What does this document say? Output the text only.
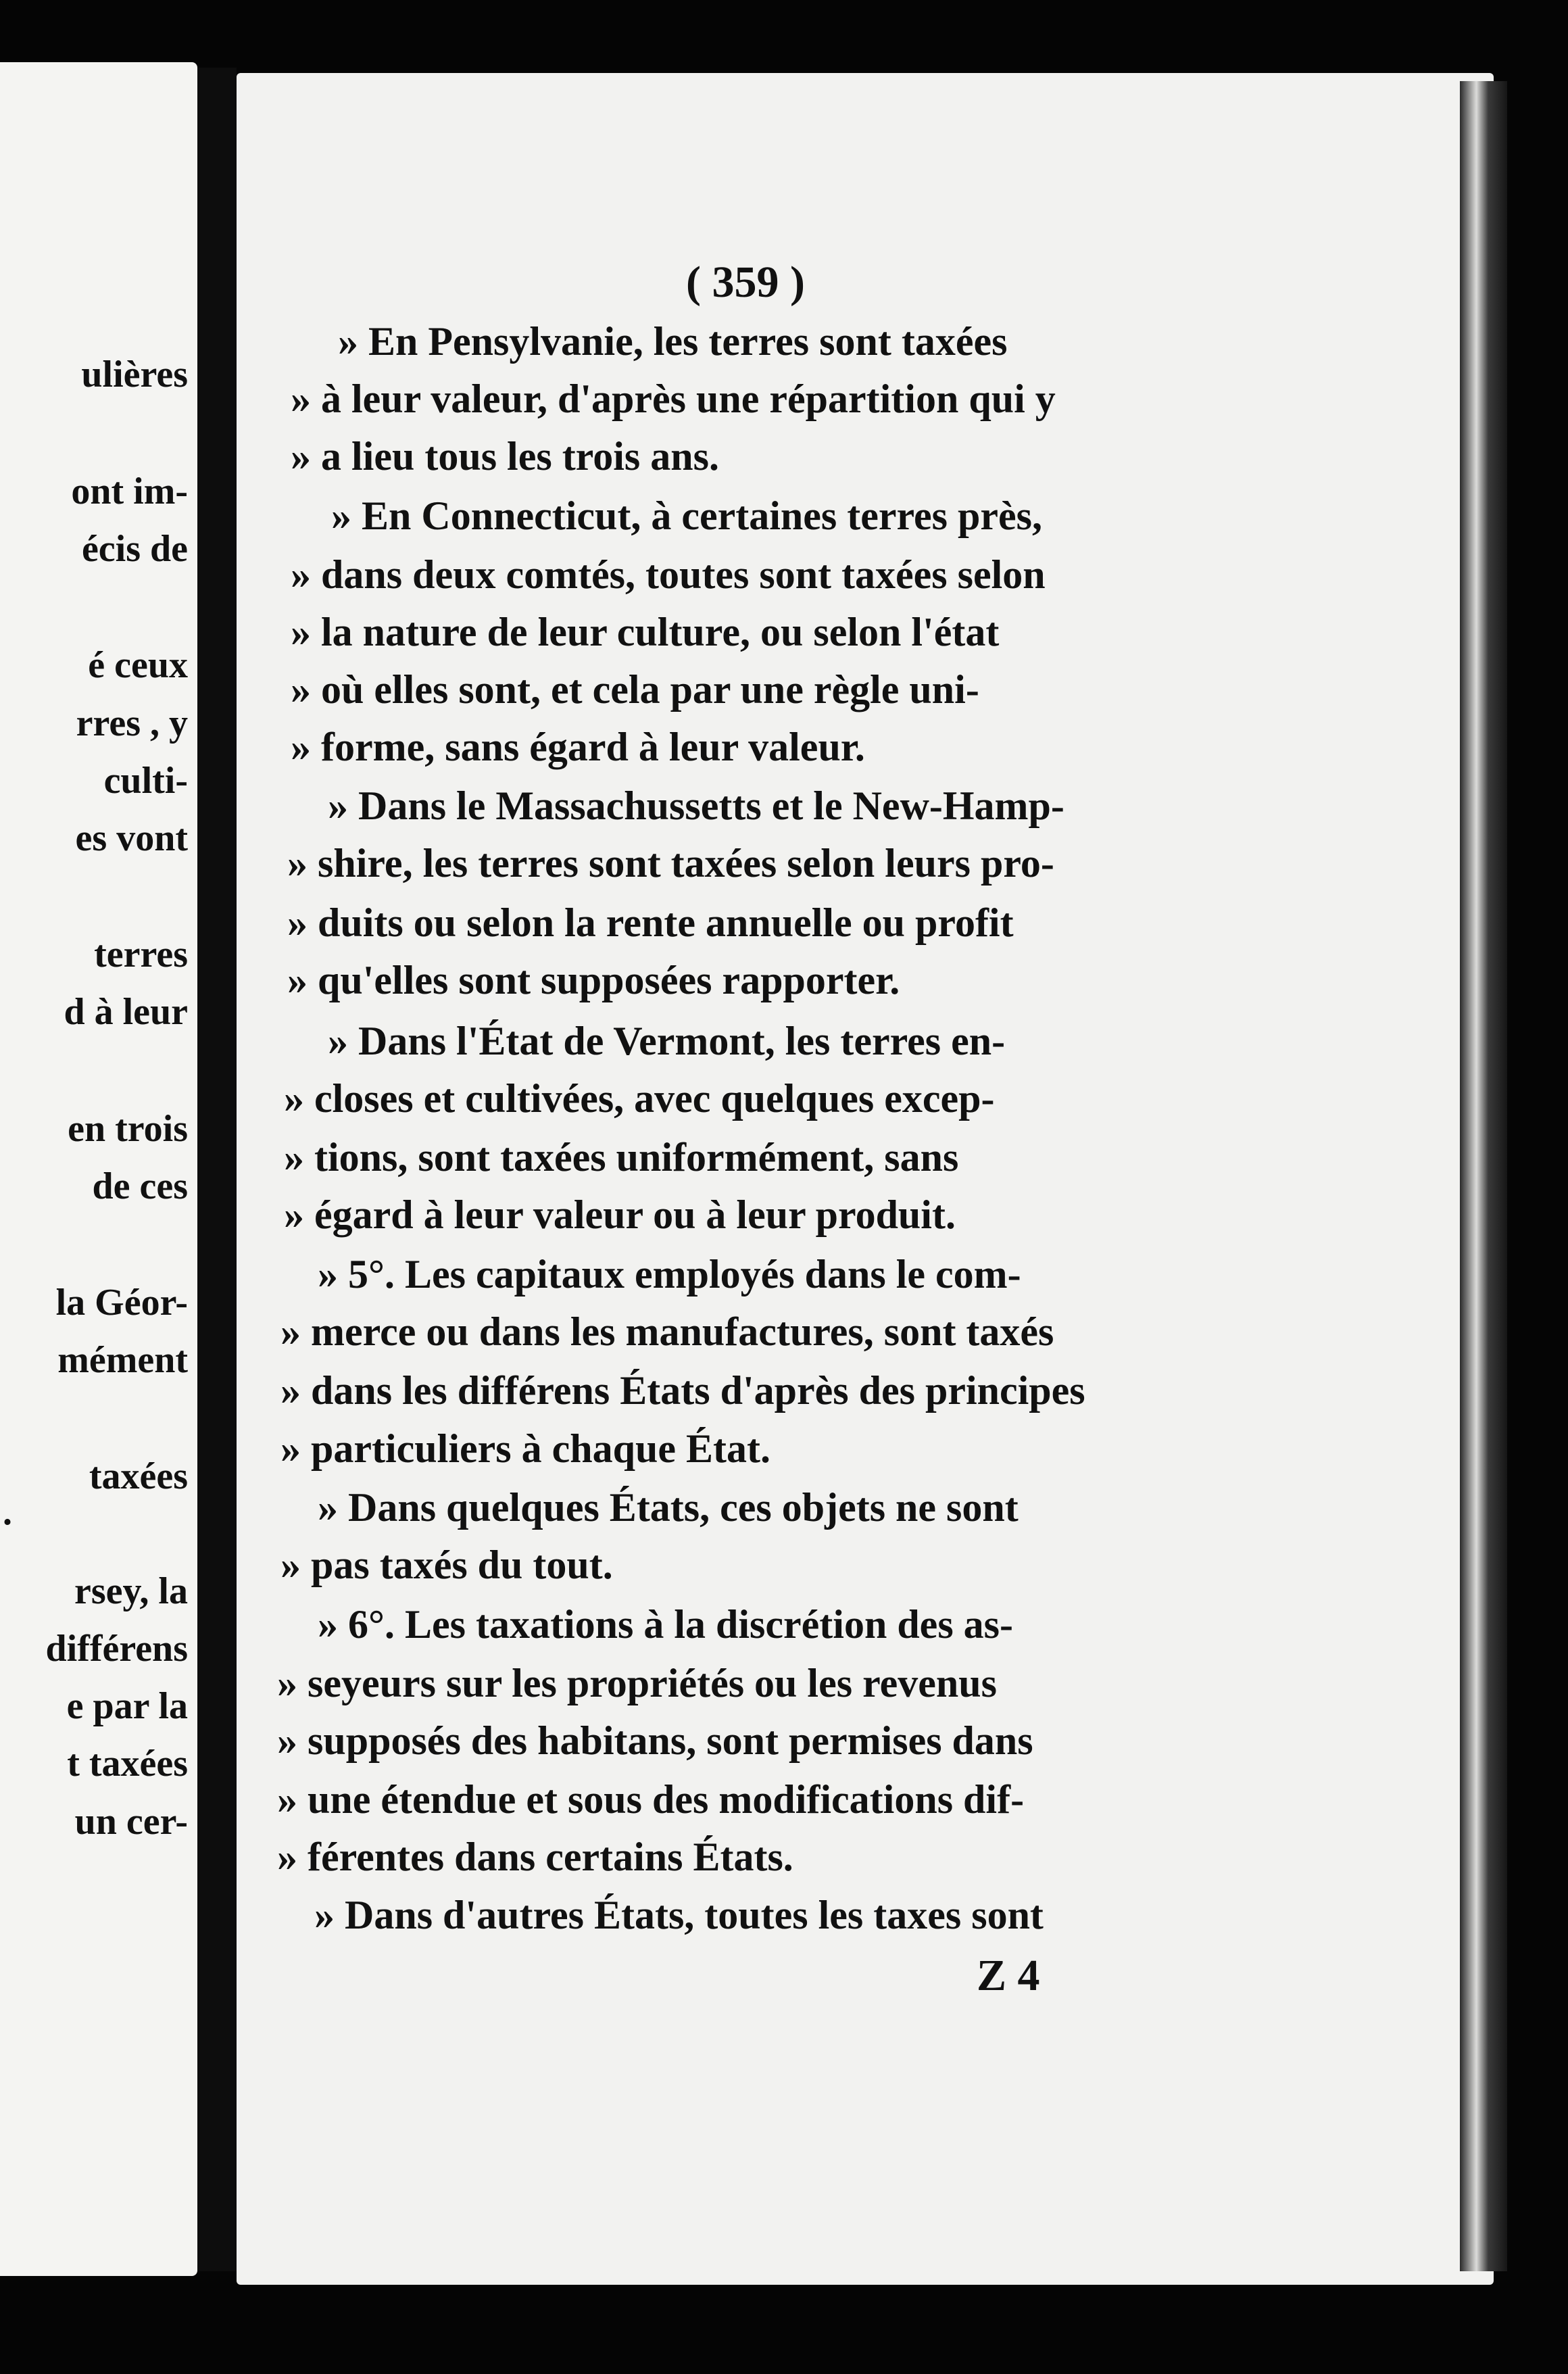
ulières
ont im-
écis de
é ceux
rres , y
culti-
es vont
terres
d à leur
en trois
de ces
la Géor-
mément
taxées
.
rsey, la
différens
e par la
t taxées
un cer-
( 359 )
» En Pensylvanie, les terres sont taxées
» à leur valeur, d'après une répartition qui y
» a lieu tous les trois ans.
» En Connecticut, à certaines terres près,
» dans deux comtés, toutes sont taxées selon
» la nature de leur culture, ou selon l'état
» où elles sont, et cela par une règle uni-
» forme, sans égard à leur valeur.
» Dans le Massachussetts et le New-Hamp-
» shire, les terres sont taxées selon leurs pro-
» duits ou selon la rente annuelle ou profit
» qu'elles sont supposées rapporter.
» Dans l'État de Vermont, les terres en-
» closes et cultivées, avec quelques excep-
» tions, sont taxées uniformément, sans
» égard à leur valeur ou à leur produit.
» 5°. Les capitaux employés dans le com-
» merce ou dans les manufactures, sont taxés
» dans les différens États d'après des principes
» particuliers à chaque État.
» Dans quelques États, ces objets ne sont
» pas taxés du tout.
» 6°. Les taxations à la discrétion des as-
» seyeurs sur les propriétés ou les revenus
» supposés des habitans, sont permises dans
» une étendue et sous des modifications dif-
» férentes dans certains États.
» Dans d'autres États, toutes les taxes sont
Z 4
